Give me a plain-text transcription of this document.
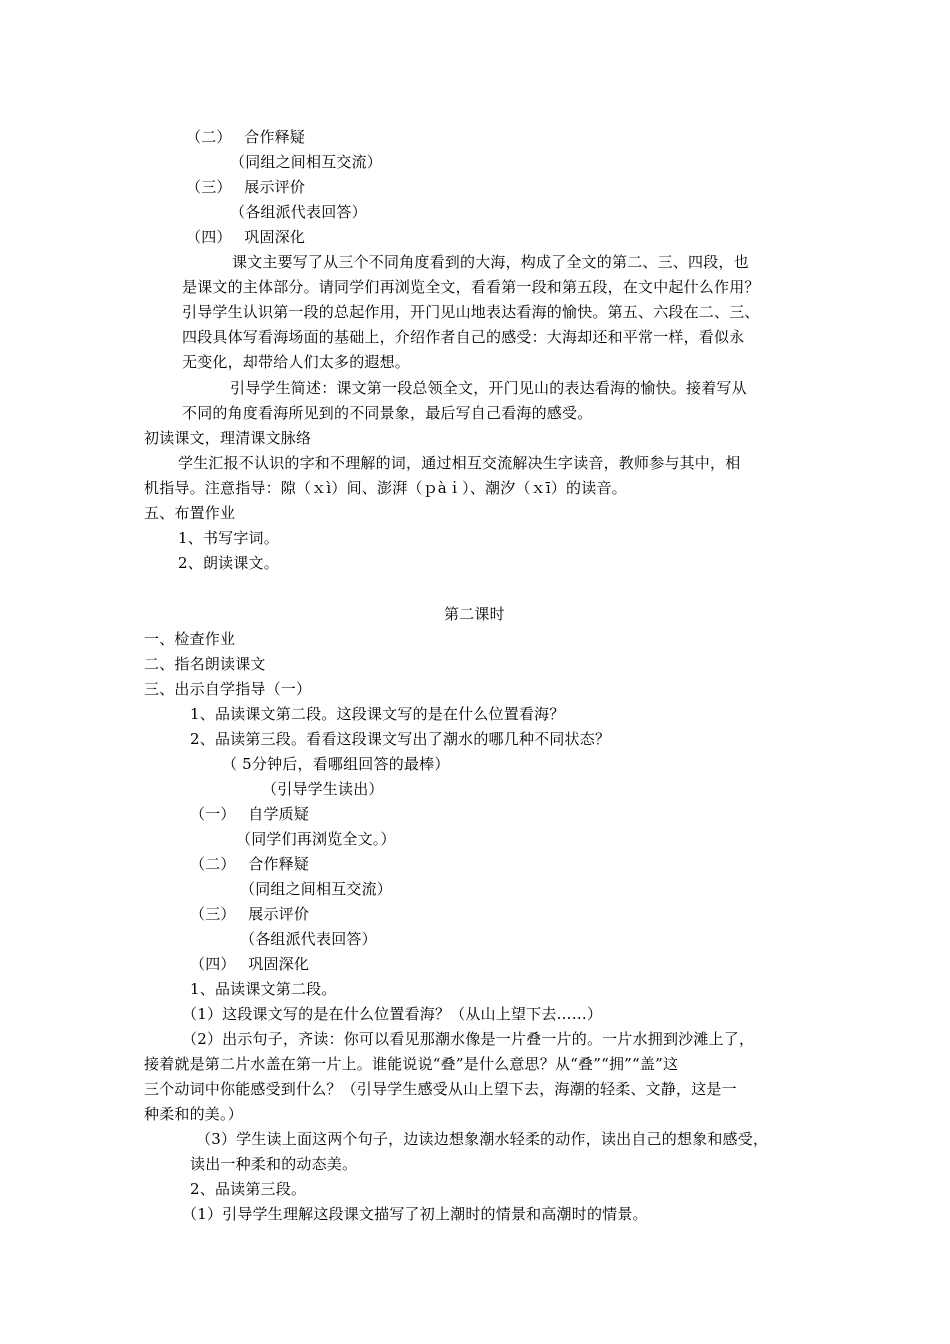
（二）　 合作释疑
（同组之间相互交流）
（三）　 展示评价
（各组派代表回答）
（四）　 巩固深化
课文主要写了从三个不同角度看到的大海，构成了全文的第二、三、四段，也
是课文的主体部分。请同学们再浏览全文，看看第一段和第五段，在文中起什么作用？
引导学生认识第一段的总起作用，开门见山地表达看海的愉快。第五、六段在二、三、
四段具体写看海场面的基础上，介绍作者自己的感受：大海却还和平常一样，看似永
无变化，却带给人们太多的遐想。
引导学生简述：课文第一段总领全文，开门见山的表达看海的愉快。接着写从
不同的角度看海所见到的不同景象，最后写自己看海的感受。
初读课文，理清课文脉络
学生汇报不认识的字和不理解的词，通过相互交流解决生字读音，教师参与其中，相
机指导。注意指导：隙（ｘì）间、澎湃（ｐàｉ）、潮汐（ｘī）的读音。
五、布置作业
1、书写字词。
2、朗读课文。
第二课时
一、检查作业
二、指名朗读课文
三、出示自学指导（一）
1、品读课文第二段。这段课文写的是在什么位置看海？
2、品读第三段。看看这段课文写出了潮水的哪几种不同状态？
（ 5分钟后，看哪组回答的最棒）
（引导学生读出）
（一）　 自学质疑
（同学们再浏览全文。）
（二）　 合作释疑
（同组之间相互交流）
（三）　 展示评价
（各组派代表回答）
（四）　 巩固深化
1、品读课文第二段。
（1）这段课文写的是在什么位置看海？（从山上望下去……）
（2）出示句子，齐读：你可以看见那潮水像是一片叠一片的。一片水拥到沙滩上了，
接着就是第二片水盖在第一片上。谁能说说“叠”是什么意思？从“叠”“拥”“盖”这
三个动词中你能感受到什么？（引导学生感受从山上望下去，海潮的轻柔、文静，这是一
种柔和的美。）
（3）学生读上面这两个句子，边读边想象潮水轻柔的动作，读出自己的想象和感受，
读出一种柔和的动态美。
2、品读第三段。
（1）引导学生理解这段课文描写了初上潮时的情景和高潮时的情景。
